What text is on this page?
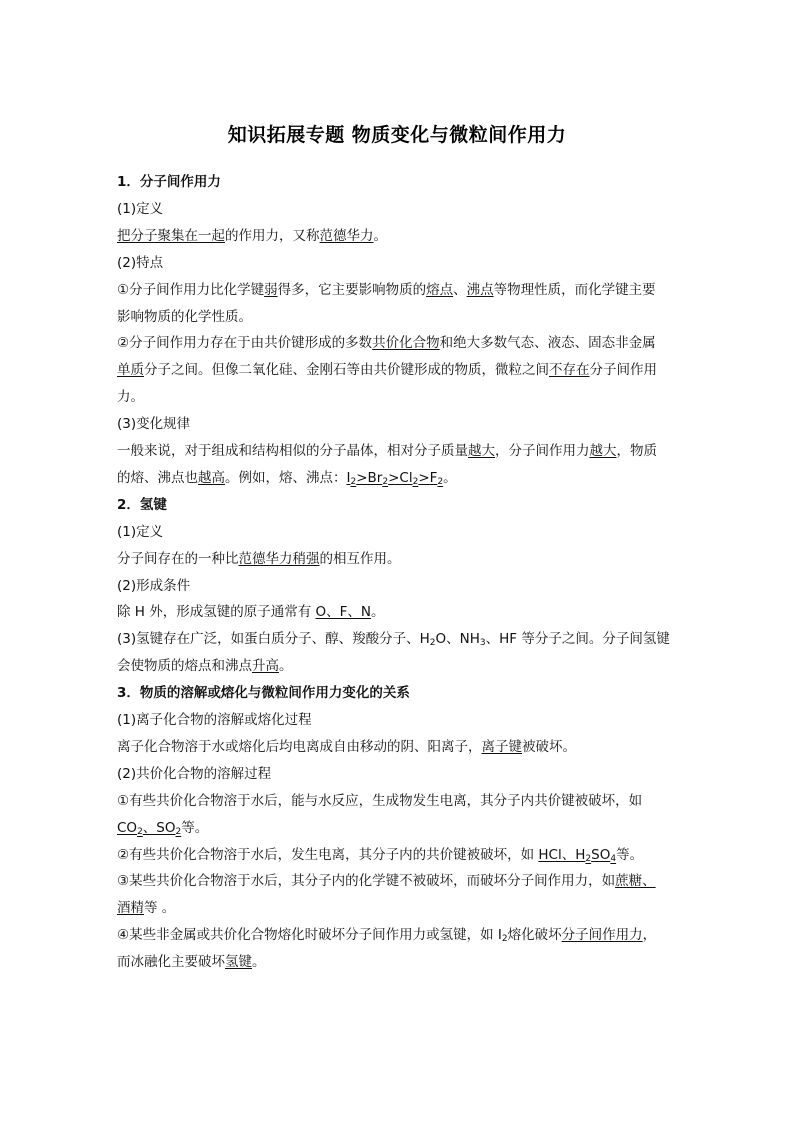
知识拓展专题 物质变化与微粒间作用力
1．分子间作用力
(1)定义
把分子聚集在一起的作用力，又称范德华力。
(2)特点
①分子间作用力比化学键弱得多，它主要影响物质的熔点、沸点等物理性质，而化学键主要
影响物质的化学性质。
②分子间作用力存在于由共价键形成的多数共价化合物和绝大多数气态、液态、固态非金属
单质分子之间。但像二氧化硅、金刚石等由共价键形成的物质，微粒之间不存在分子间作用
力。
(3)变化规律
一般来说，对于组成和结构相似的分子晶体，相对分子质量越大，分子间作用力越大，物质
的熔、沸点也越高。例如，熔、沸点：$I_2>Br_2>Cl_2>F_2$。
2．氢键
(1)定义
分子间存在的一种比范德华力稍强的相互作用。
(2)形成条件
除 H 外，形成氢键的原子通常有 O、F、N。
(3)氢键存在广泛，如蛋白质分子、醇、羧酸分子、$H_2O$、$NH_3$、HF 等分子之间。分子间氢键
会使物质的熔点和沸点升高。
3．物质的溶解或熔化与微粒间作用力变化的关系
(1)离子化合物的溶解或熔化过程
离子化合物溶于水或熔化后均电离成自由移动的阴、阳离子，离子键被破坏。
(2)共价化合物的溶解过程
①有些共价化合物溶于水后，能与水反应，生成物发生电离，其分子内共价键被破坏，如
$CO_2$、$SO_2$等。
②有些共价化合物溶于水后，发生电离，其分子内的共价键被破坏，如 HCl、$H_2SO_4$等。
③某些共价化合物溶于水后，其分子内的化学键不被破坏，而破坏分子间作用力，如蔗糖、
酒精等 。
④某些非金属或共价化合物熔化时破坏分子间作用力或氢键，如 $I_2$熔化破坏分子间作用力，
而冰融化主要破坏氢键。
